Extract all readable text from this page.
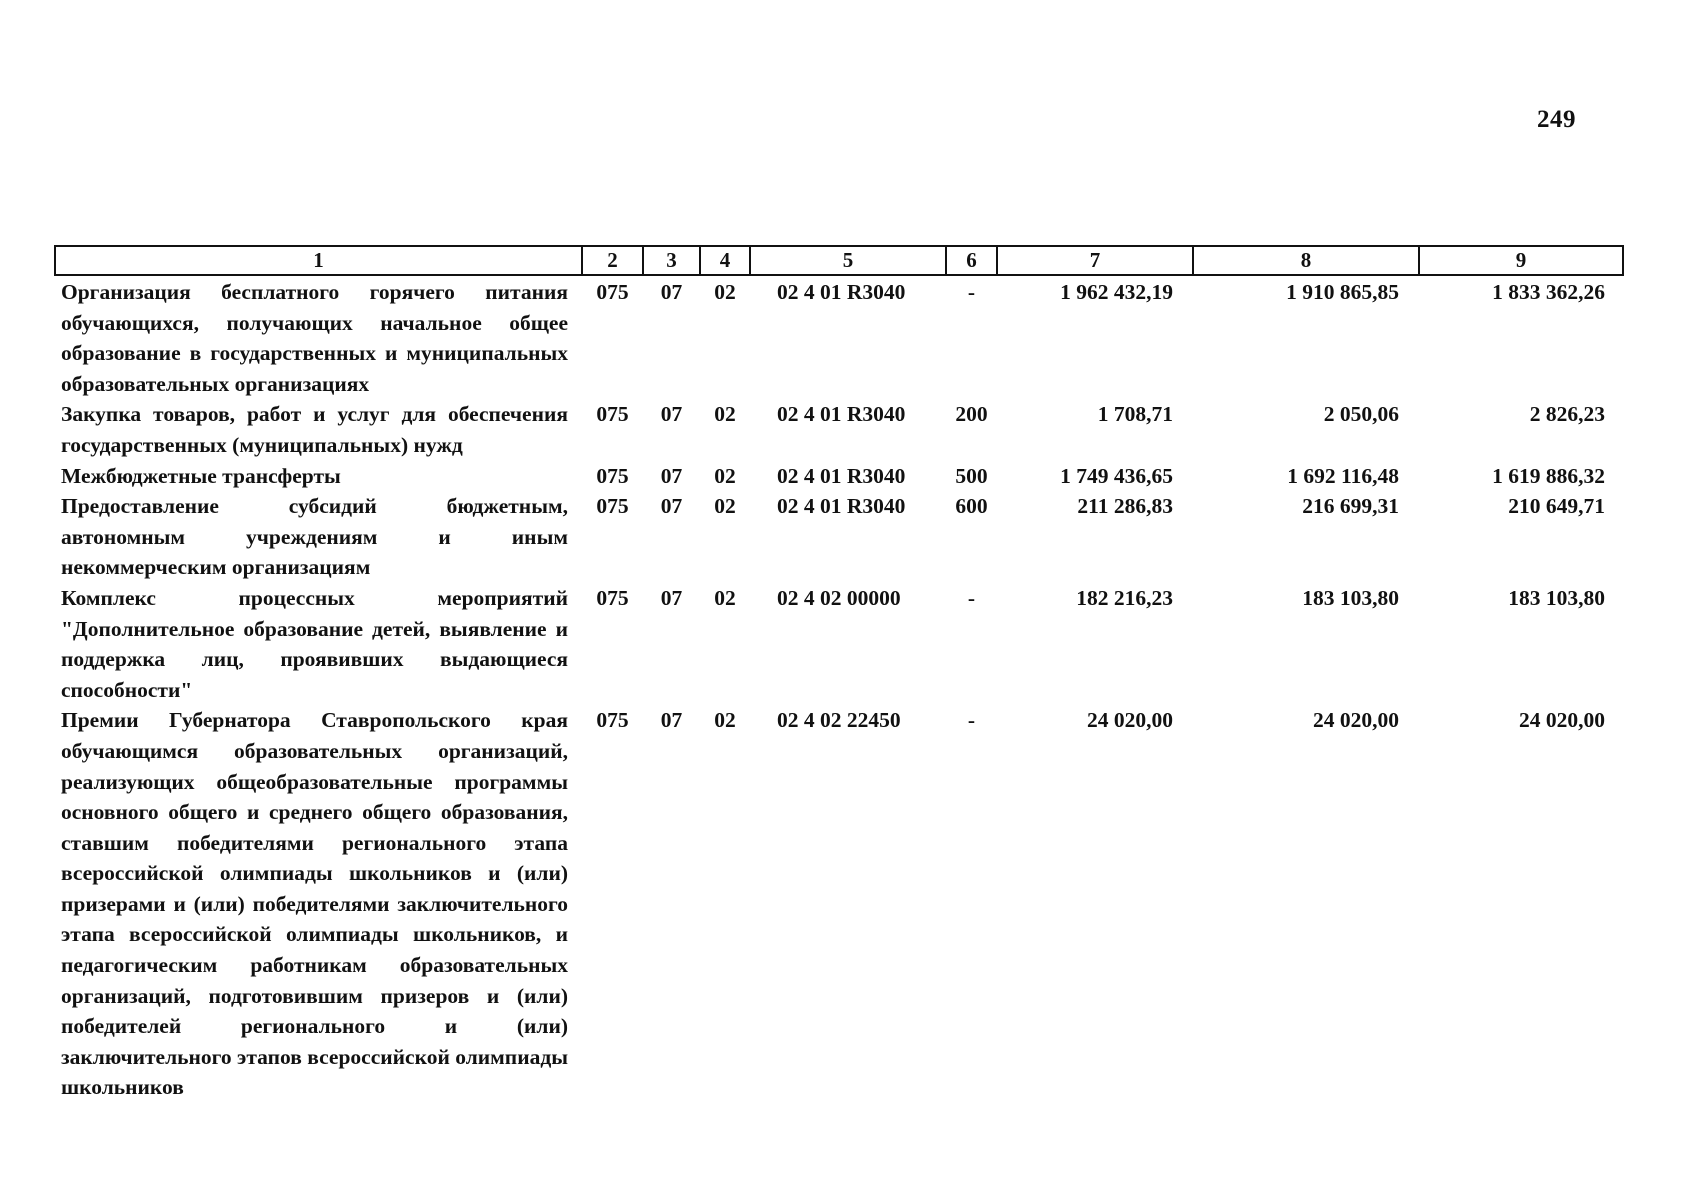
249
1	2	3	4	5	6	7	8	9
Организация бесплатного горячего питания обучающихся, получающих начальное общее образование в государственных и муниципальных образовательных организациях	075	07	02	02 4 01 R3040	-	1 962 432,19	1 910 865,85	1 833 362,26
Закупка товаров, работ и услуг для обеспечения государственных (муниципальных) нужд	075	07	02	02 4 01 R3040	200	1 708,71	2 050,06	2 826,23
Межбюджетные трансферты	075	07	02	02 4 01 R3040	500	1 749 436,65	1 692 116,48	1 619 886,32
Предоставление субсидий бюджетным, автономным учреждениям и иным некоммерческим организациям	075	07	02	02 4 01 R3040	600	211 286,83	216 699,31	210 649,71
Комплекс процессных мероприятий "Дополнительное образование детей, выявление и поддержка лиц, проявивших выдающиеся способности"	075	07	02	02 4 02 00000	-	182 216,23	183 103,80	183 103,80
Премии Губернатора Ставропольского края обучающимся образовательных организаций, реализующих общеобразовательные программы основного общего и среднего общего образования, ставшим победителями регионального этапа всероссийской олимпиады школьников и (или) призерами и (или) победителями заключительного этапа всероссийской олимпиады школьников, и педагогическим работникам образовательных организаций, подготовившим призеров и (или) победителей регионального и (или) заключительного этапов всероссийской олимпиады школьников	075	07	02	02 4 02 22450	-	24 020,00	24 020,00	24 020,00
